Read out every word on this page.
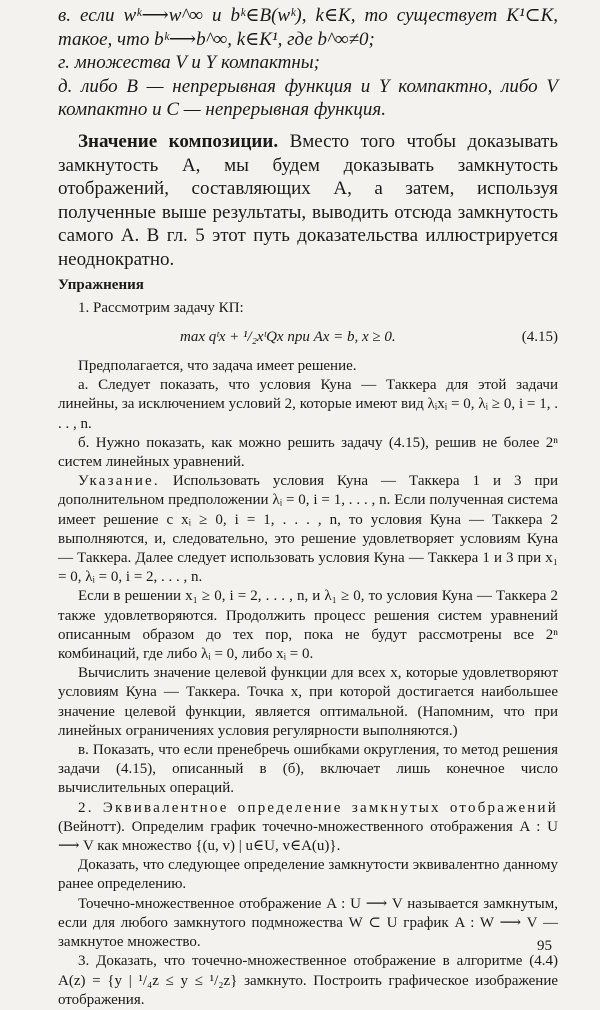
в. если wᵏ⟶w^∞ и bᵏ∈B(wᵏ), k∈K, то существует K¹⊂K, такое, что bᵏ⟶b^∞, k∈K¹, где b^∞≠0;

г. множества V и Y компактны;

д. либо B — непрерывная функция и Y компактно, либо V компактно и C — непрерывная функция.

Значение композиции. Вместо того чтобы доказывать замкнутость A, мы будем доказывать замкнутость отображений, составляющих A, а затем, используя полученные выше результаты, выводить отсюда замкнутость самого A. В гл. 5 этот путь доказательства иллюстрируется неоднократно.

Упражнения

1. Рассмотрим задачу КП:

max qᵗx + ¹/₂xᵗQx при Ax = b, x ≥ 0.	(4.15)

Предполагается, что задача имеет решение.

а. Следует показать, что условия Куна — Таккера для этой задачи линейны, за исключением условий 2, которые имеют вид λᵢxᵢ = 0, λᵢ ≥ 0, i = 1, . . . , n.

б. Нужно показать, как можно решить задачу (4.15), решив не более 2ⁿ систем линейных уравнений.

Указание. Использовать условия Куна — Таккера 1 и 3 при дополнительном предположении λᵢ = 0, i = 1, . . . , n. Если полученная система имеет решение с xᵢ ≥ 0, i = 1, . . . , n, то условия Куна — Таккера 2 выполняются, и, следовательно, это решение удовлетворяет условиям Куна — Таккера. Далее следует использовать условия Куна — Таккера 1 и 3 при x₁ = 0, λᵢ = 0, i = 2, . . . , n.

Если в решении x₁ ≥ 0, i = 2, . . . , n, и λ₁ ≥ 0, то условия Куна — Таккера 2 также удовлетворяются. Продолжить процесс решения систем уравнений описанным образом до тех пор, пока не будут рассмотрены все 2ⁿ комбинаций, где либо λᵢ = 0, либо xᵢ = 0.

Вычислить значение целевой функции для всех x, которые удовлетворяют условиям Куна — Таккера. Точка x, при которой достигается наибольшее значение целевой функции, является оптимальной. (Напомним, что при линейных ограничениях условия регулярности выполняются.)

в. Показать, что если пренебречь ошибками округления, то метод решения задачи (4.15), описанный в (б), включает лишь конечное число вычислительных операций.

2. Эквивалентное определение замкнутых отображений (Вейнотт). Определим график точечно-множественного отображения A : U ⟶ V как множество {(u, v) | u∈U, v∈A(u)}.

Доказать, что следующее определение замкнутости эквивалентно данному ранее определению.

Точечно-множественное отображение A : U ⟶ V называется замкнутым, если для любого замкнутого подмножества W ⊂ U график A : W ⟶ V — замкнутое множество.

3. Доказать, что точечно-множественное отображение в алгоритме (4.4) A(z) = {y | ¹/₄z ≤ y ≤ ¹/₂z} замкнуто. Построить графическое изображение отображения.

95
